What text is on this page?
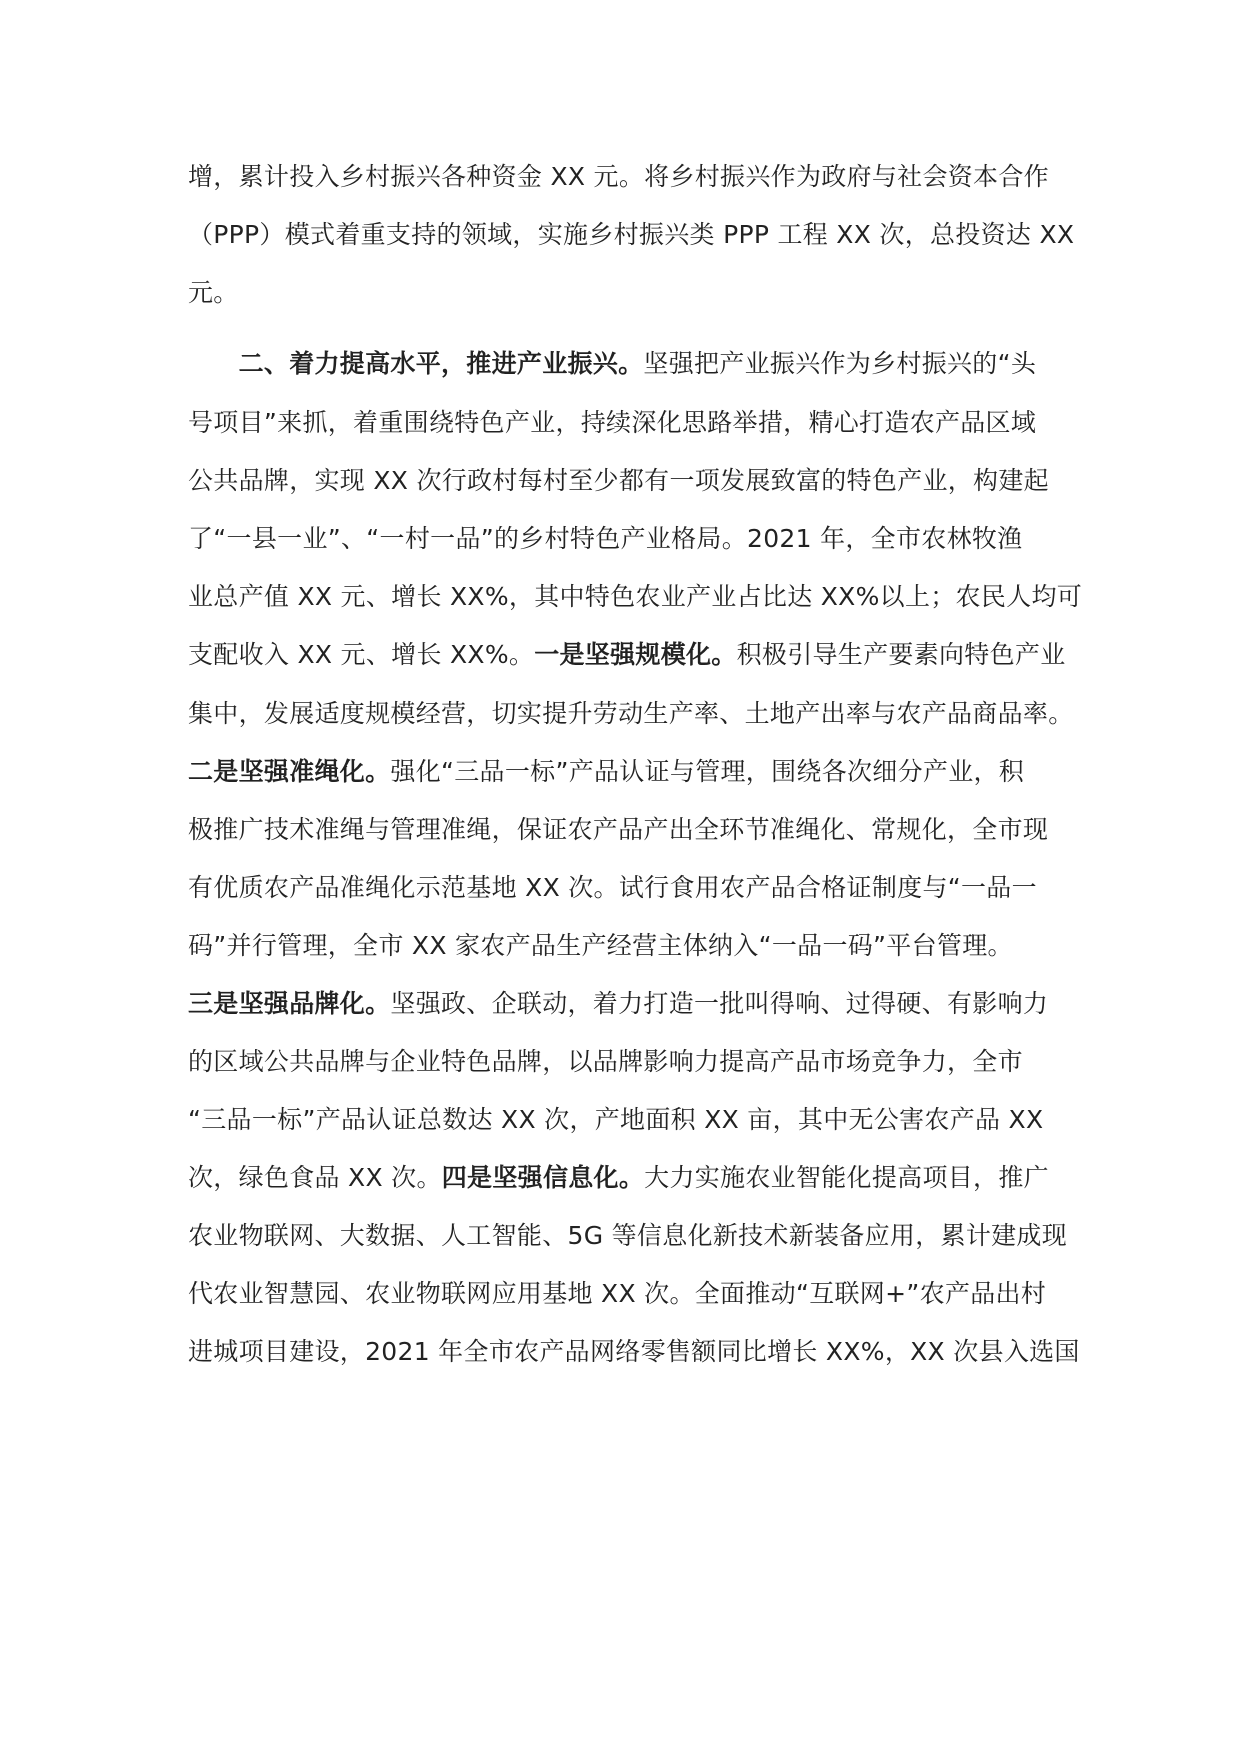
增，累计投入乡村振兴各种资金 XX 元。将乡村振兴作为政府与社会资本合作
（PPP）模式着重支持的领域，实施乡村振兴类 PPP 工程 XX 次，总投资达 XX
元。
　　二、着力提高水平，推进产业振兴。坚强把产业振兴作为乡村振兴的“头
号项目”来抓，着重围绕特色产业，持续深化思路举措，精心打造农产品区域
公共品牌，实现 XX 次行政村每村至少都有一项发展致富的特色产业，构建起
了“一县一业”、“一村一品”的乡村特色产业格局。2021 年，全市农林牧渔
业总产值 XX 元、增长 XX%，其中特色农业产业占比达 XX%以上；农民人均可
支配收入 XX 元、增长 XX%。一是坚强规模化。积极引导生产要素向特色产业
集中，发展适度规模经营，切实提升劳动生产率、土地产出率与农产品商品率。
二是坚强准绳化。强化“三品一标”产品认证与管理，围绕各次细分产业，积
极推广技术准绳与管理准绳，保证农产品产出全环节准绳化、常规化，全市现
有优质农产品准绳化示范基地 XX 次。试行食用农产品合格证制度与“一品一
码”并行管理，全市 XX 家农产品生产经营主体纳入“一品一码”平台管理。
三是坚强品牌化。坚强政、企联动，着力打造一批叫得响、过得硬、有影响力
的区域公共品牌与企业特色品牌，以品牌影响力提高产品市场竞争力，全市
“三品一标”产品认证总数达 XX 次，产地面积 XX 亩，其中无公害农产品 XX
次，绿色食品 XX 次。四是坚强信息化。大力实施农业智能化提高项目，推广
农业物联网、大数据、人工智能、5G 等信息化新技术新装备应用，累计建成现
代农业智慧园、农业物联网应用基地 XX 次。全面推动“互联网+”农产品出村
进城项目建设，2021 年全市农产品网络零售额同比增长 XX%，XX 次县入选国
